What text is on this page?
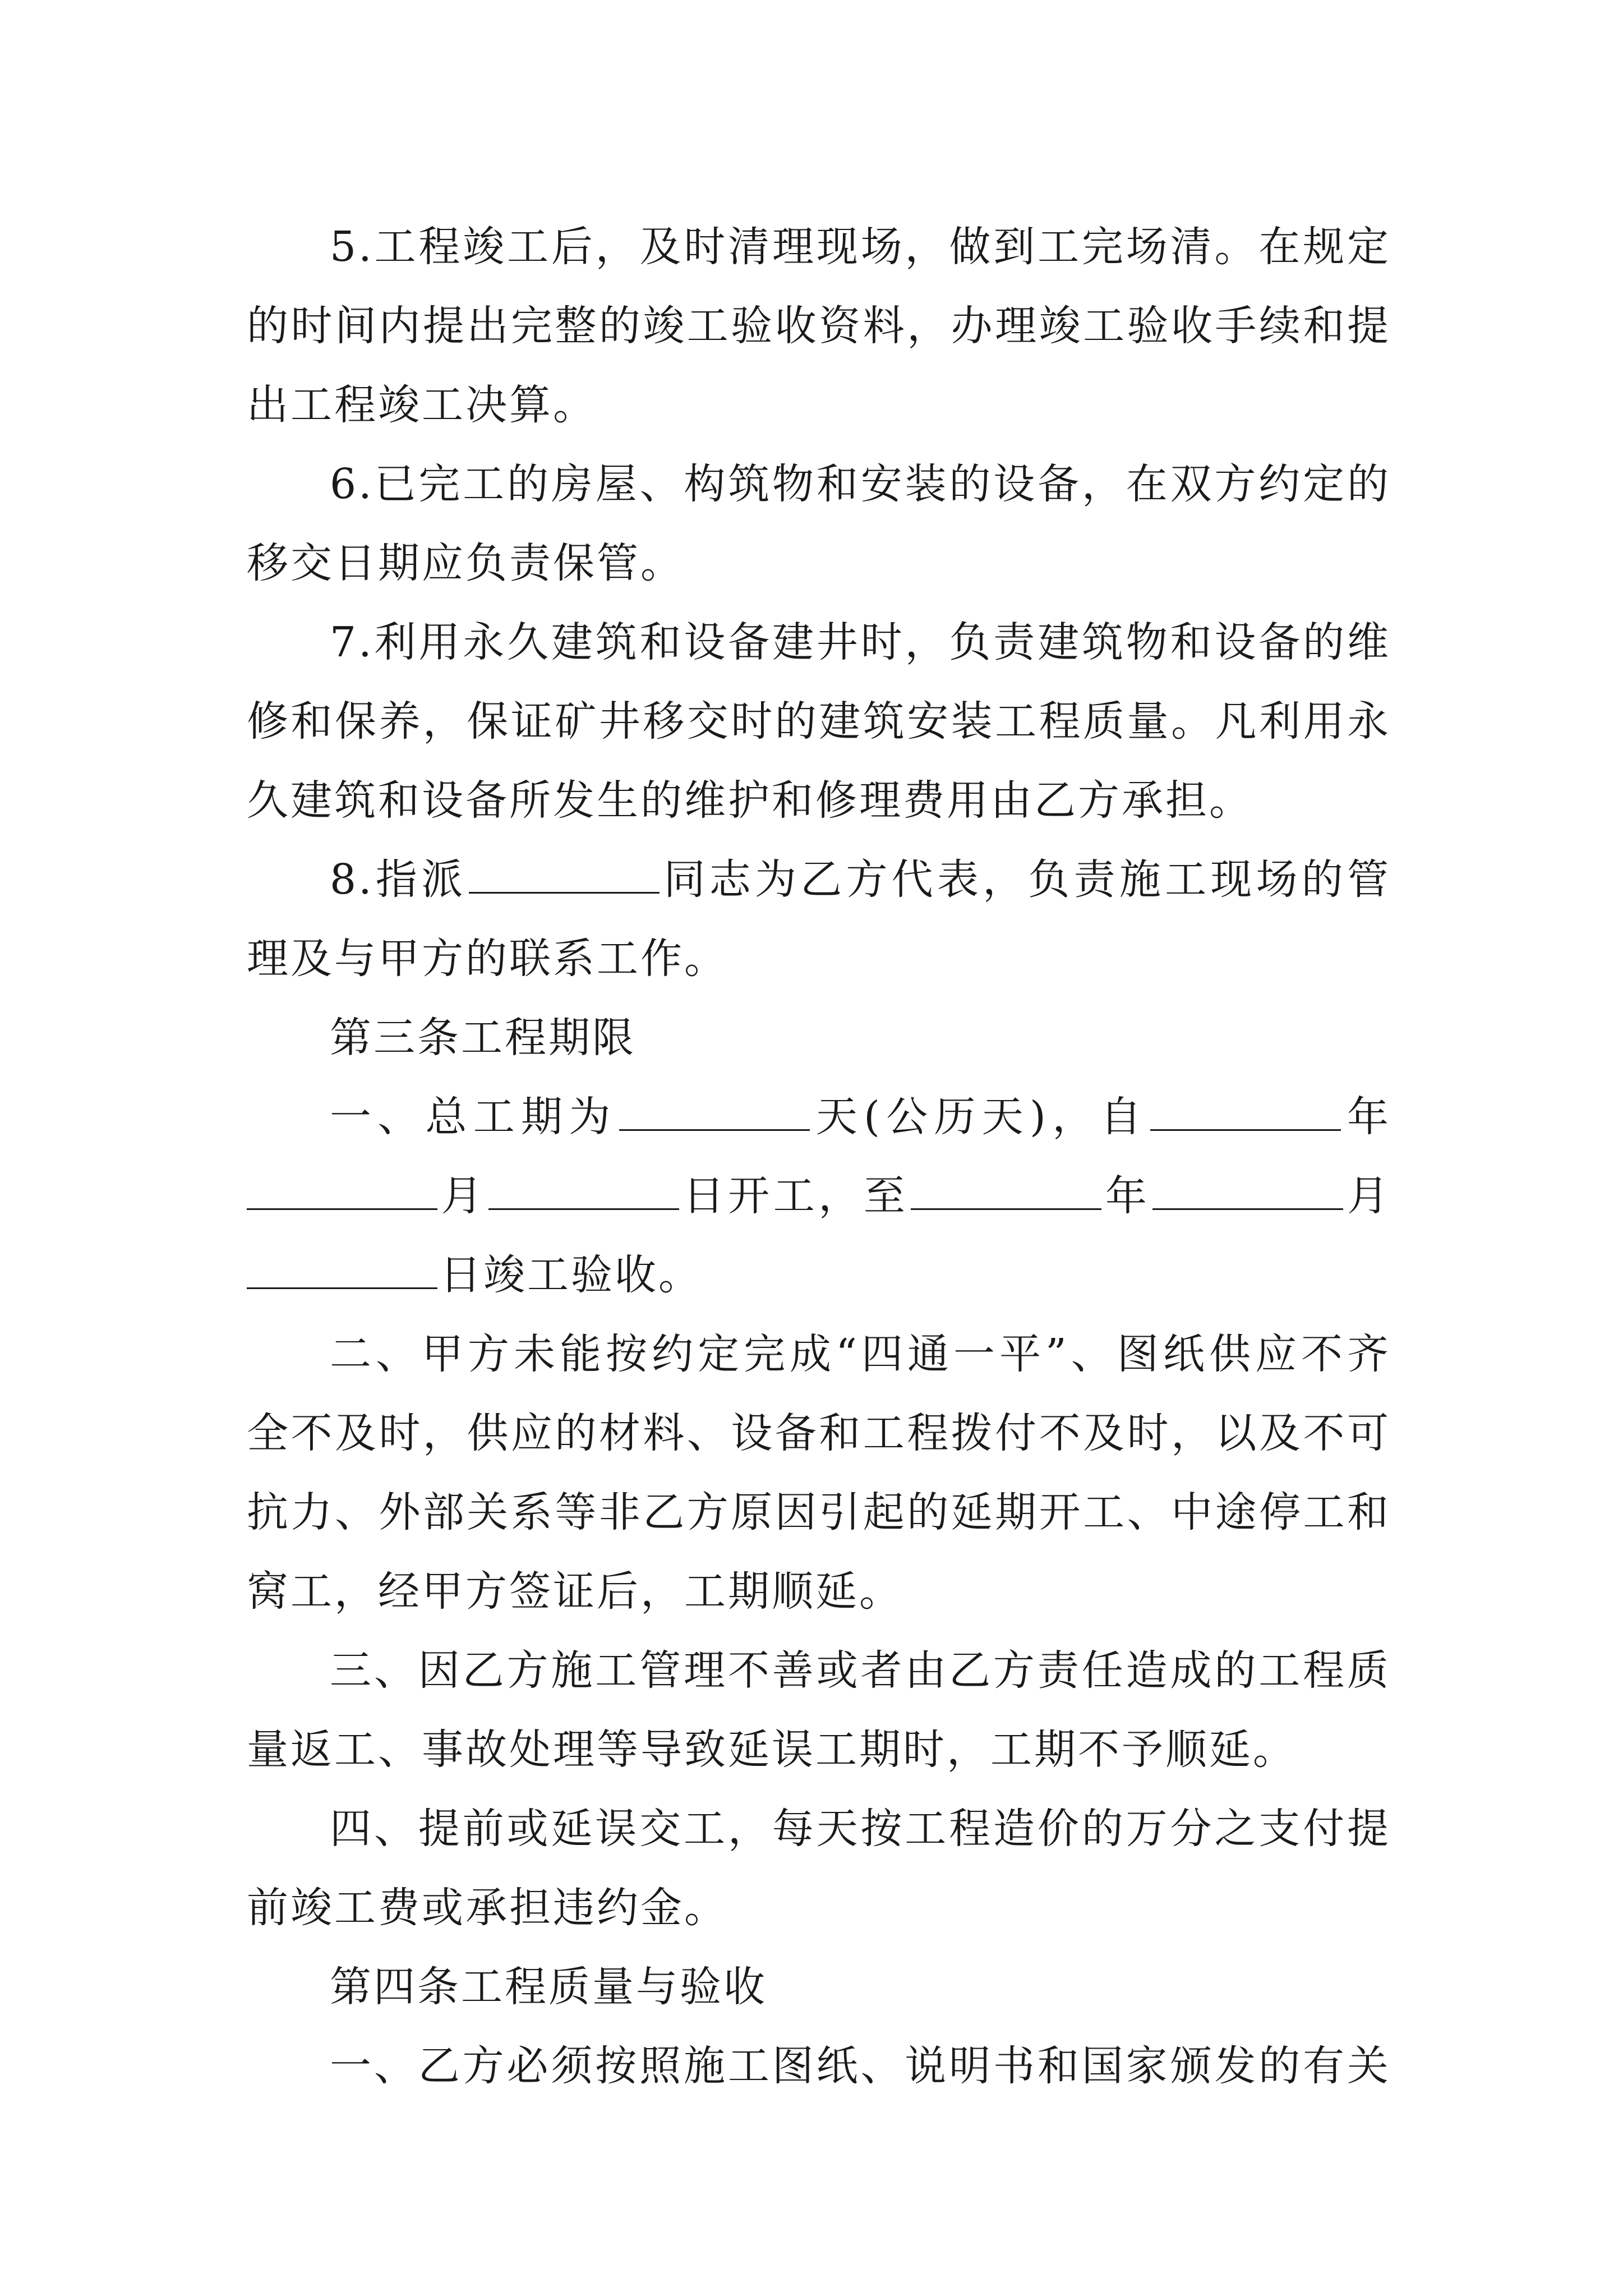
5.工程竣工后，及时清理现场，做到工完场清。在规定
的时间内提出完整的竣工验收资料，办理竣工验收手续和提
出工程竣工决算。
6.已完工的房屋、构筑物和安装的设备，在双方约定的
移交日期应负责保管。
7.利用永久建筑和设备建井时，负责建筑物和设备的维
修和保养，保证矿井移交时的建筑安装工程质量。凡利用永
久建筑和设备所发生的维护和修理费用由乙方承担。
8.指派	同志为乙方代表，负责施工现场的管
理及与甲方的联系工作。
第三条工程期限
一、总工期为	天(公历天)，自	年
月	日开工，至	年	月
日竣工验收。
二、甲方未能按约定完成“四通一平”、图纸供应不齐
全不及时，供应的材料、设备和工程拨付不及时，以及不可
抗力、外部关系等非乙方原因引起的延期开工、中途停工和
窝工，经甲方签证后，工期顺延。
三、因乙方施工管理不善或者由乙方责任造成的工程质
量返工、事故处理等导致延误工期时，工期不予顺延。
四、提前或延误交工，每天按工程造价的万分之支付提
前竣工费或承担违约金。
第四条工程质量与验收
一、乙方必须按照施工图纸、说明书和国家颁发的有关
